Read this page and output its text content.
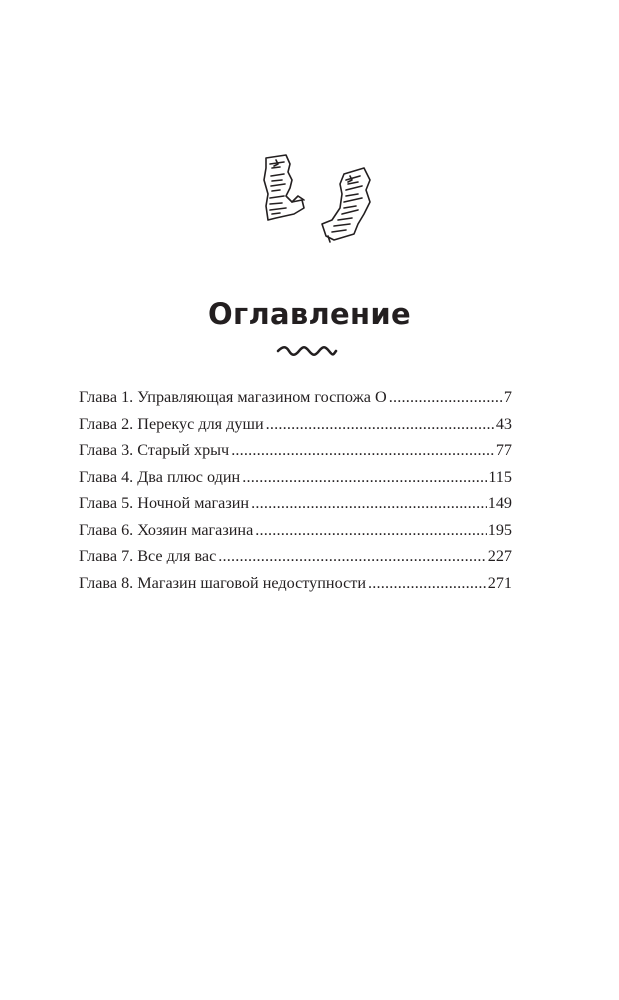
Оглавление
Глава 1. Управляющая магазином госпожа О .....	7
Глава 2. Перекус для души .....	43
Глава 3. Старый хрыч .....	77
Глава 4. Два плюс один .....	115
Глава 5. Ночной магазин .....	149
Глава 6. Хозяин магазина .....	195
Глава 7. Все для вас .....	227
Глава 8. Магазин шаговой недоступности .....	271
